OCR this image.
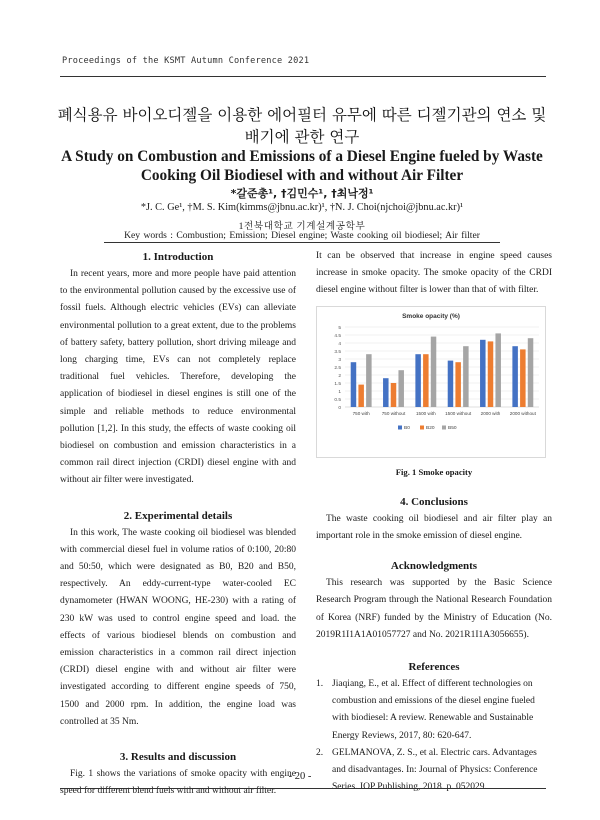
Proceedings of the KSMT Autumn Conference 2021
폐식용유 바이오디젤을 이용한 에어필터 유무에 따른 디젤기관의 연소 및
배기에 관한 연구
A Study on Combustion and Emissions of a Diesel Engine fueled by Waste
Cooking Oil Biodiesel with and without Air Filter
*갈준총¹, †김민수¹, †최낙정¹
*J. C. Ge¹, †M. S. Kim(kimms@jbnu.ac.kr)¹, †N. J. Choi(njchoi@jbnu.ac.kr)¹
1전북대학교 기계설계공학부
Key words : Combustion; Emission; Diesel engine; Waste cooking oil biodiesel; Air filter
1. Introduction

In recent years, more and more people have paid attention to the environmental pollution caused by the excessive use of fossil fuels. Although electric vehicles (EVs) can alleviate environmental pollution to a great extent, due to the problems of battery safety, battery pollution, short driving mileage and long charging time, EVs can not completely replace traditional fuel vehicles. Therefore, developing the application of biodiesel in diesel engines is still one of the simple and reliable methods to reduce environmental pollution [1,2]. In this study, the effects of waste cooking oil biodiesel on combustion and emission characteristics in a common rail direct injection (CRDI) diesel engine with and without air filter were investigated.

2. Experimental details

In this work, The waste cooking oil biodiesel was blended with commercial diesel fuel in volume ratios of 0:100, 20:80 and 50:50, which were designated as B0, B20 and B50, respectively. An eddy-current-type water-cooled EC dynamometer (HWAN WOONG, HE-230) with a rating of 230 kW was used to control engine speed and load. the effects of various biodiesel blends on combustion and emission characteristics in a common rail direct injection (CRDI) diesel engine with and without air filter were investigated according to different engine speeds of 750, 1500 and 2000 rpm. In addition, the engine load was controlled at 35 Nm.

3. Results and discussion

Fig. 1 shows the variations of smoke opacity with engine speed for different blend fuels with and without air filter.

It can be observed that increase in engine speed causes increase in smoke opacity. The smoke opacity of the CRDI diesel engine without filter is lower than that of with filter.

Smoke opacity (%)
0
0.5
1
1.5
2
2.5
3
3.5
4
4.5
5
750 with	750 without 1500 with 1500 without 2000 with 2000 without
B0	B20	B50
Fig. 1 Smoke opacity
4. Conclusions

The waste cooking oil biodiesel and air filter play an important role in the smoke emission of diesel engine.

Acknowledgments

This research was supported by the Basic Science Research Program through the National Research Foundation of Korea (NRF) funded by the Ministry of Education (No. 2019R1I1A1A01057727 and No. 2021R1I1A3056655).

References
1. Jiaqiang, E., et al. Effect of different technologies on combustion and emissions of the diesel engine fueled with biodiesel: A review. Renewable and Sustainable Energy Reviews, 2017, 80: 620-647.
2. GELMANOVA, Z. S., et al. Electric cars. Advantages and disadvantages. In: Journal of Physics: Conference Series. IOP Publishing, 2018. p. 052029.
- 20 -
